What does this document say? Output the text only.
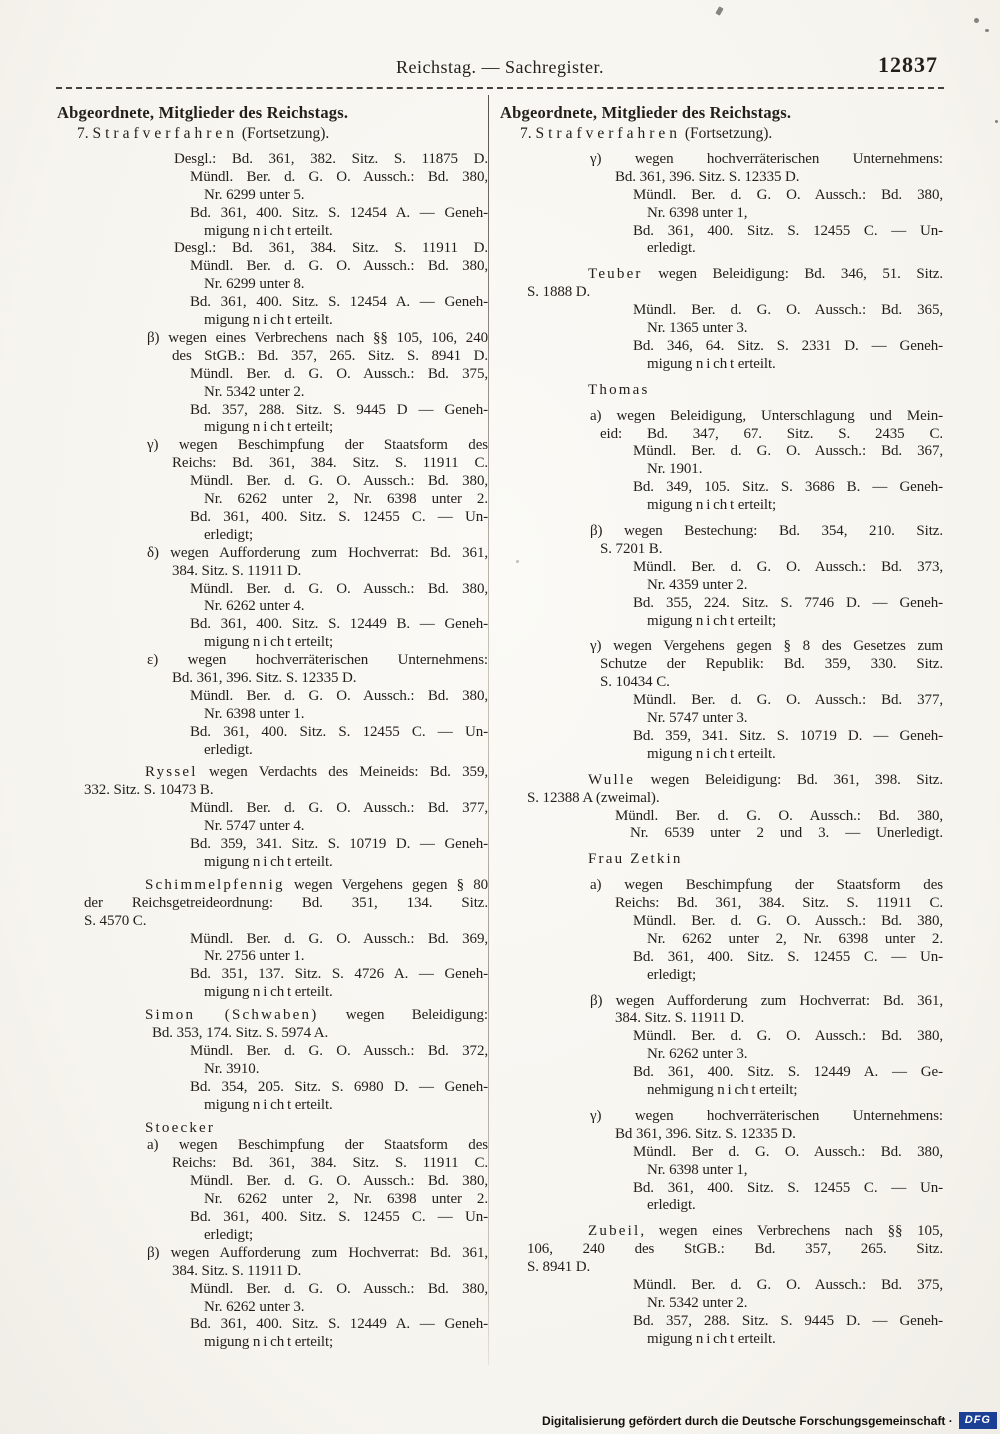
Reichstag. — Sachregister.	12837
Abgeordnete, Mitglieder des Reichstags.
7. Strafverfahren (Fortsetzung).
Desgl.: Bd. 361, 382. Sitz. S. 11875 D.
Mündl. Ber. d. G. O. Aussch.: Bd. 380,
Nr. 6299 unter 5.
Bd. 361, 400. Sitz. S. 12454 A. — Geneh-
migung n i ch t erteilt.
Desgl.: Bd. 361, 384. Sitz. S. 11911 D.
Mündl. Ber. d. G. O. Aussch.: Bd. 380,
Nr. 6299 unter 8.
Bd. 361, 400. Sitz. S. 12454 A. — Geneh-
migung n i ch t erteilt.
β) wegen eines Verbrechens nach §§ 105, 106, 240
des StGB.: Bd. 357, 265. Sitz. S. 8941 D.
Mündl. Ber. d. G. O. Aussch.: Bd. 375,
Nr. 5342 unter 2.
Bd. 357, 288. Sitz. S. 9445 D — Geneh-
migung n i ch t erteilt;
γ) wegen Beschimpfung der Staatsform des
Reichs: Bd. 361, 384. Sitz. S. 11911 C.
Mündl. Ber. d. G. O. Aussch.: Bd. 380,
Nr. 6262 unter 2, Nr. 6398 unter 2.
Bd. 361, 400. Sitz. S. 12455 C. — Un-
erledigt;
δ) wegen Aufforderung zum Hochverrat: Bd. 361,
384. Sitz. S. 11911 D.
Mündl. Ber. d. G. O. Aussch.: Bd. 380,
Nr. 6262 unter 4.
Bd. 361, 400. Sitz. S. 12449 B. — Geneh-
migung n i ch t erteilt;
ε) wegen hochverräterischen Unternehmens:
Bd. 361, 396. Sitz. S. 12335 D.
Mündl. Ber. d. G. O. Aussch.: Bd. 380,
Nr. 6398 unter 1.
Bd. 361, 400. Sitz. S. 12455 C. — Un-
erledigt.
Ryssel wegen Verdachts des Meineids: Bd. 359,
332. Sitz. S. 10473 B.
Mündl. Ber. d. G. O. Aussch.: Bd. 377,
Nr. 5747 unter 4.
Bd. 359, 341. Sitz. S. 10719 D. — Geneh-
migung n i ch t erteilt.
Schimmelpfennig wegen Vergehens gegen § 80
der Reichsgetreideordnung: Bd. 351, 134. Sitz.
S. 4570 C.
Mündl. Ber. d. G. O. Aussch.: Bd. 369,
Nr. 2756 unter 1.
Bd. 351, 137. Sitz. S. 4726 A. — Geneh-
migung n i ch t erteilt.
Simon (Schwaben) wegen Beleidigung:
Bd. 353, 174. Sitz. S. 5974 A.
Mündl. Ber. d. G. O. Aussch.: Bd. 372,
Nr. 3910.
Bd. 354, 205. Sitz. S. 6980 D. — Geneh-
migung n i ch t erteilt.
Stoecker
a) wegen Beschimpfung der Staatsform des
Reichs: Bd. 361, 384. Sitz. S. 11911 C.
Mündl. Ber. d. G. O. Aussch.: Bd. 380,
Nr. 6262 unter 2, Nr. 6398 unter 2.
Bd. 361, 400. Sitz. S. 12455 C. — Un-
erledigt;
β) wegen Aufforderung zum Hochverrat: Bd. 361,
384. Sitz. S. 11911 D.
Mündl. Ber. d. G. O. Aussch.: Bd. 380,
Nr. 6262 unter 3.
Bd. 361, 400. Sitz. S. 12449 A. — Geneh-
migung n i ch t erteilt;
Abgeordnete, Mitglieder des Reichstags.
7. Strafverfahren (Fortsetzung).
γ) wegen hochverräterischen Unternehmens:
Bd. 361, 396. Sitz. S. 12335 D.
Mündl. Ber. d. G. O. Aussch.: Bd. 380,
Nr. 6398 unter 1,
Bd. 361, 400. Sitz. S. 12455 C. — Un-
erledigt.
Teuber wegen Beleidigung: Bd. 346, 51. Sitz.
S. 1888 D.
Mündl. Ber. d. G. O. Aussch.: Bd. 365,
Nr. 1365 unter 3.
Bd. 346, 64. Sitz. S. 2331 D. — Geneh-
migung n i ch t erteilt.
Thomas
a) wegen Beleidigung, Unterschlagung und Mein-
eid: Bd. 347, 67. Sitz. S. 2435 C.
Mündl. Ber. d. G. O. Aussch.: Bd. 367,
Nr. 1901.
Bd. 349, 105. Sitz. S. 3686 B. — Geneh-
migung n i ch t erteilt;
β) wegen Bestechung: Bd. 354, 210. Sitz.
S. 7201 B.
Mündl. Ber. d. G. O. Aussch.: Bd. 373,
Nr. 4359 unter 2.
Bd. 355, 224. Sitz. S. 7746 D. — Geneh-
migung n i ch t erteilt;
γ) wegen Vergehens gegen § 8 des Gesetzes zum
Schutze der Republik: Bd. 359, 330. Sitz.
S. 10434 C.
Mündl. Ber. d. G. O. Aussch.: Bd. 377,
Nr. 5747 unter 3.
Bd. 359, 341. Sitz. S. 10719 D. — Geneh-
migung n i ch t erteilt.
Wulle wegen Beleidigung: Bd. 361, 398. Sitz.
S. 12388 A (zweimal).
Mündl. Ber. d. G. O. Aussch.: Bd. 380,
Nr. 6539 unter 2 und 3. — Unerledigt.
Frau Zetkin
a) wegen Beschimpfung der Staatsform des
Reichs: Bd. 361, 384. Sitz. S. 11911 C.
Mündl. Ber. d. G. O. Aussch.: Bd. 380,
Nr. 6262 unter 2, Nr. 6398 unter 2.
Bd. 361, 400. Sitz. S. 12455 C. — Un-
erledigt;
β) wegen Aufforderung zum Hochverrat: Bd. 361,
384. Sitz. S. 11911 D.
Mündl. Ber. d. G. O. Aussch.: Bd. 380,
Nr. 6262 unter 3.
Bd. 361, 400. Sitz. S. 12449 A. — Ge-
nehmigung n i ch t erteilt;
γ) wegen hochverräterischen Unternehmens:
Bd 361, 396. Sitz. S. 12335 D.
Mündl. Ber d. G. O. Aussch.: Bd. 380,
Nr. 6398 unter 1,
Bd. 361, 400. Sitz. S. 12455 C. — Un-
erledigt.
Zubeil, wegen eines Verbrechens nach §§ 105,
106, 240 des StGB.: Bd. 357, 265. Sitz.
S. 8941 D.
Mündl. Ber. d. G. O. Aussch.: Bd. 375,
Nr. 5342 unter 2.
Bd. 357, 288. Sitz. S. 9445 D. — Geneh-
migung n i ch t erteilt.
Digitalisierung gefördert durch die Deutsche Forschungsgemeinschaft ·	DFG
